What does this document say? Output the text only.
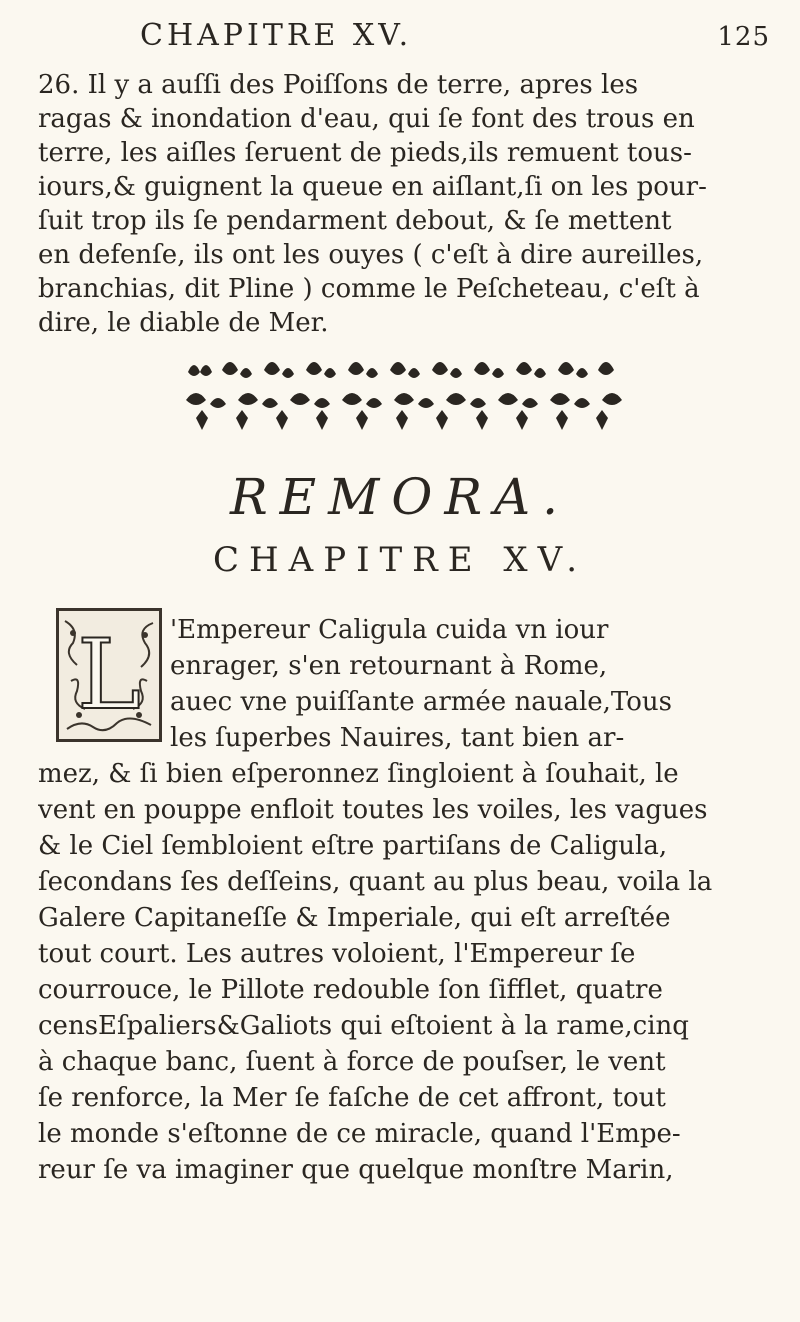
CHAPITRE XV.	125
26. Il y a auſſi des Poiſſons de terre, apres les
ragas & inondation d'eau, qui ſe font des trous en
terre, les aiſles ſeruent de pieds,ils remuent tous-
iours,& guignent la queue en aiſlant,ſi on les pour-
ſuit trop ils ſe pendarment debout, & ſe mettent
en defenſe, ils ont les ouyes ( c'eſt à dire aureilles,
branchias, dit Pline ) comme le Peſcheteau, c'eſt à
dire, le diable de Mer.
REMORA.
CHAPITRE XV.
L	'Empereur Caligula cuida vn iour
enrager, s'en retournant à Rome,
auec vne puiſſante armée nauale,Tous
les ſuperbes Nauires, tant bien ar-
mez, & ſi bien eſperonnez ſingloient à ſouhait, le
vent en pouppe enfloit toutes les voiles, les vagues
& le Ciel ſembloient eſtre partiſans de Caligula,
ſecondans ſes deſſeins, quant au plus beau, voila la
Galere Capitaneſſe & Imperiale, qui eſt arreſtée
tout court. Les autres voloient, l'Empereur ſe
courrouce, le Pillote redouble ſon ſifflet, quatre
censEſpaliers&Galiots qui eſtoient à la rame,cinq
à chaque banc, ſuent à force de pouſser, le vent
ſe renforce, la Mer ſe faſche de cet affront, tout
le monde s'eſtonne de ce miracle, quand l'Empe-
reur ſe va imaginer que quelque monſtre Marin,
